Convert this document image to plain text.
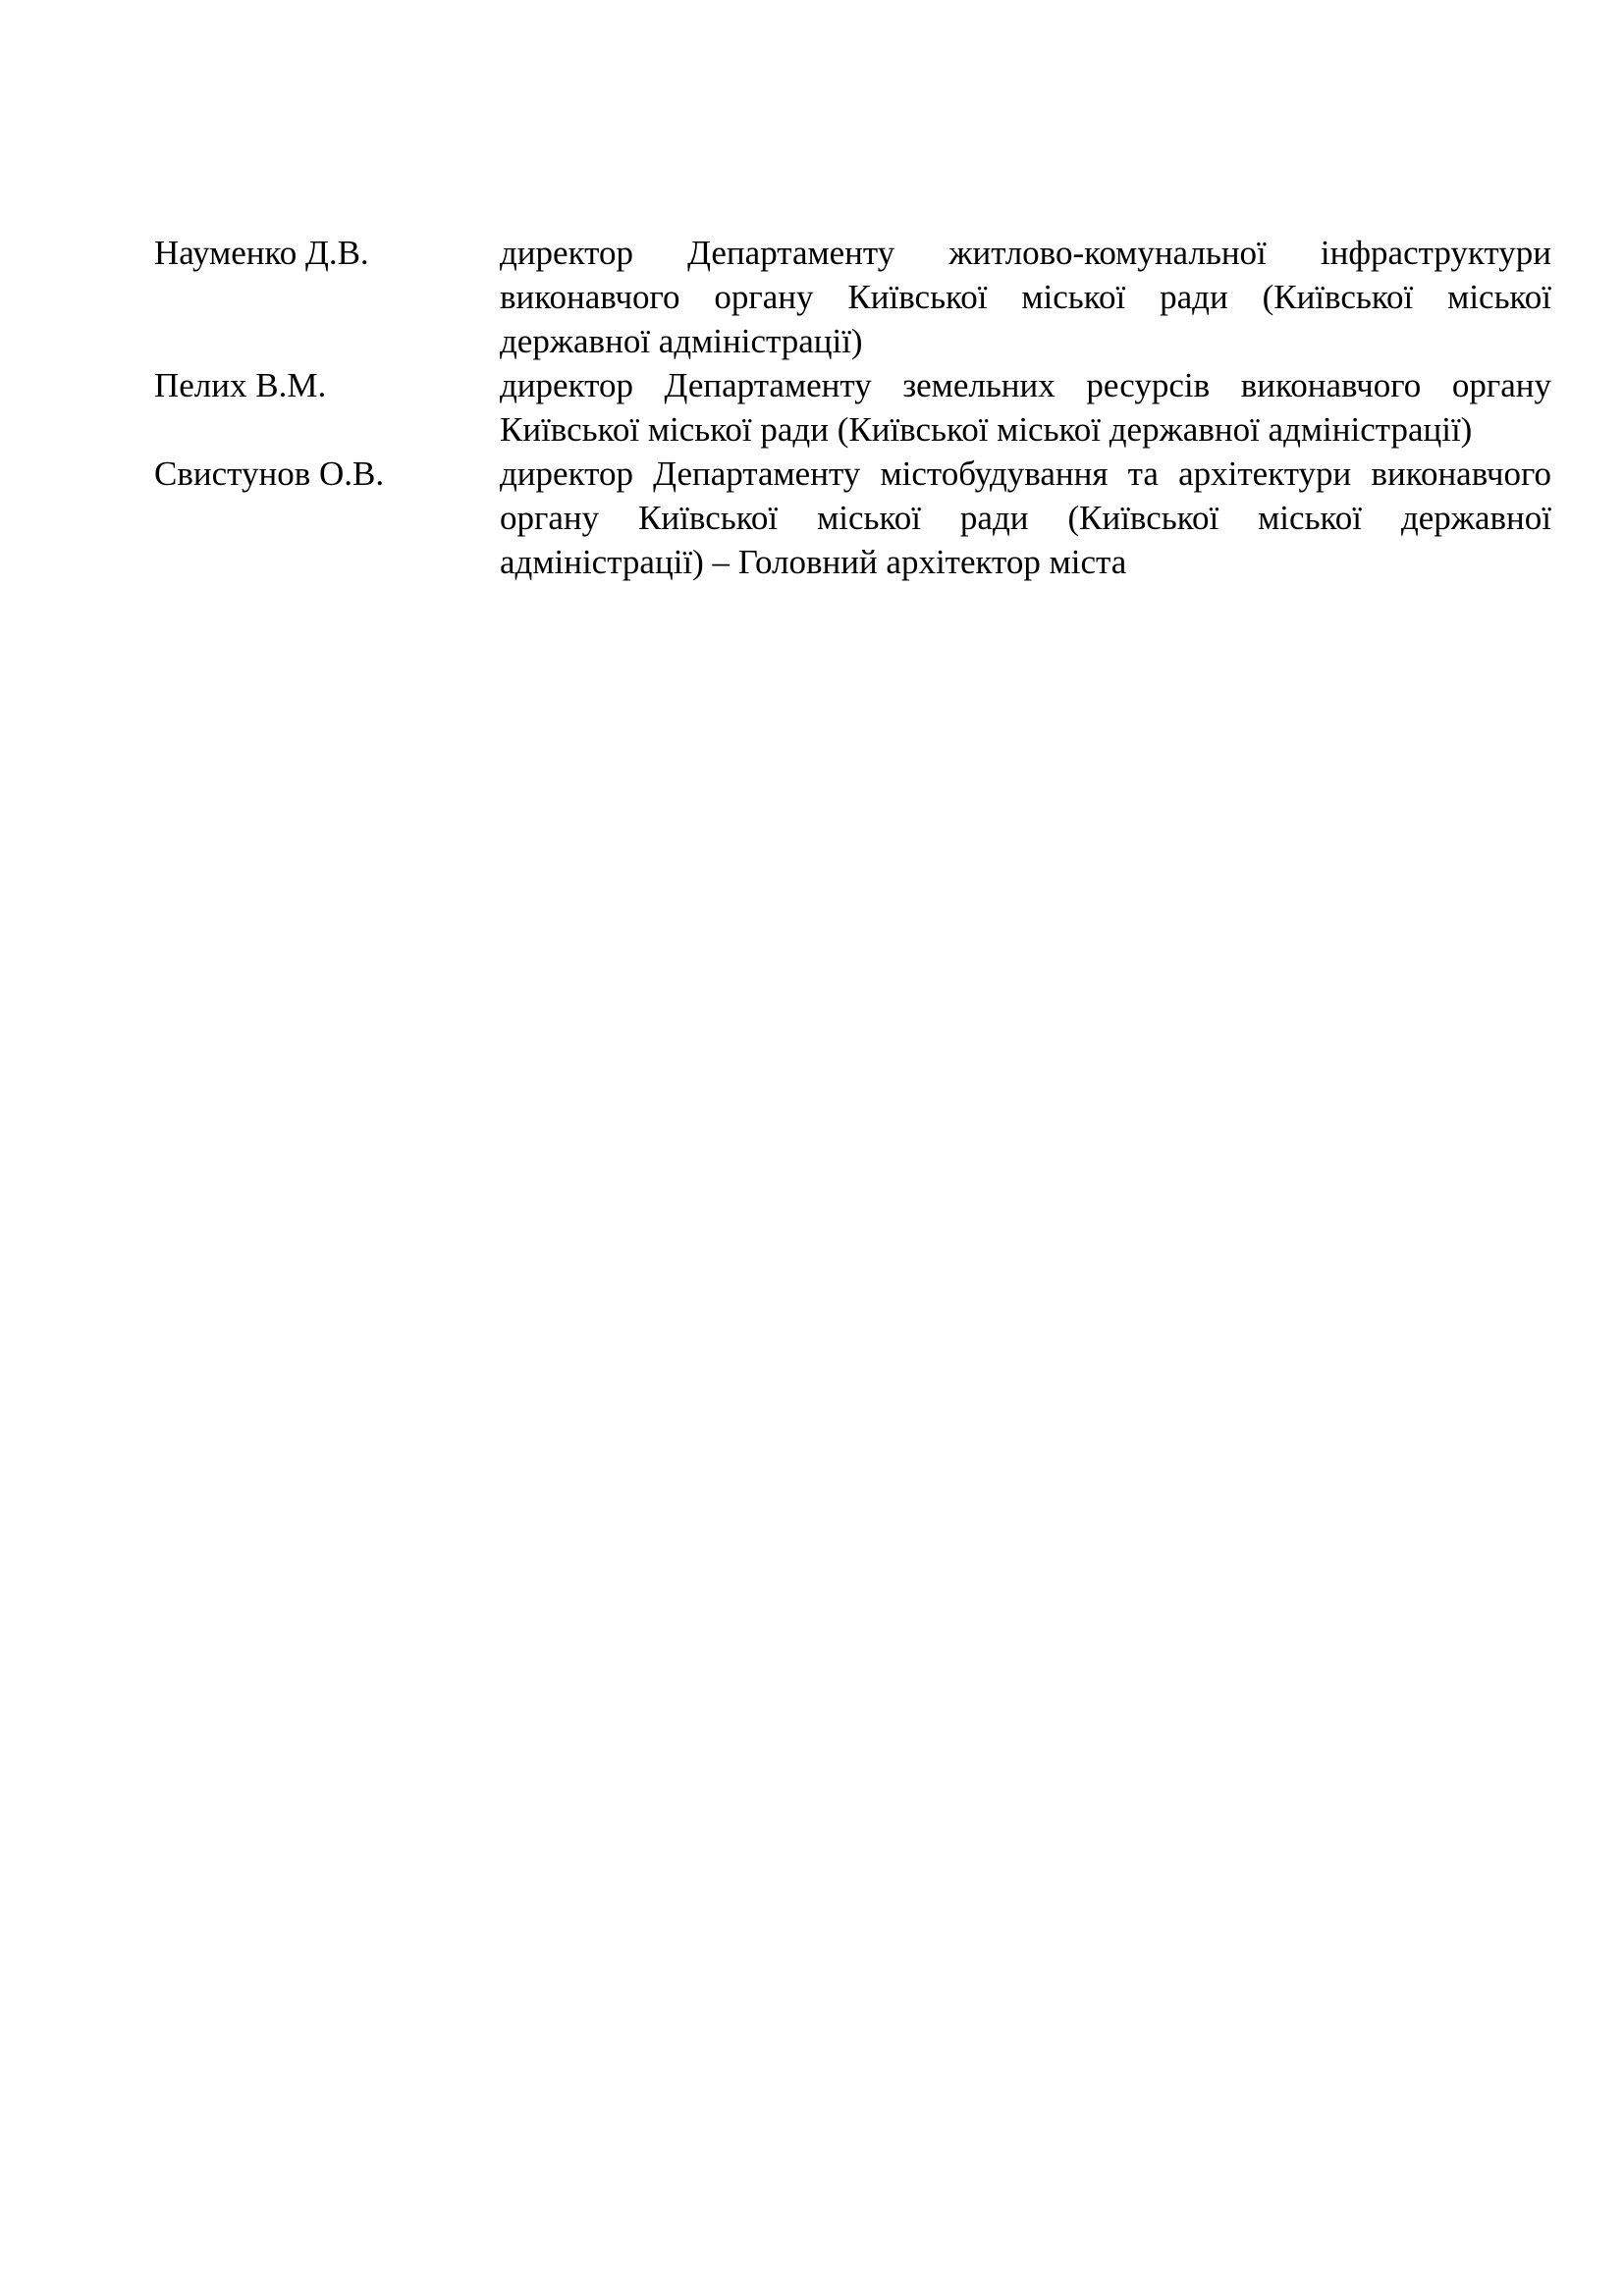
Науменко Д.В.	директор Департаменту житлово-комунальної інфраструктури виконавчого органу Київської міської ради (Київської міської державної адміністрації)
Пелих В.М.	директор Департаменту земельних ресурсів виконавчого органу Київської міської ради (Київської міської державної адміністрації)
Свистунов О.В.	директор Департаменту містобудування та архітектури виконавчого органу Київської міської ради (Київської міської державної адміністрації) – Головний архітектор міста
